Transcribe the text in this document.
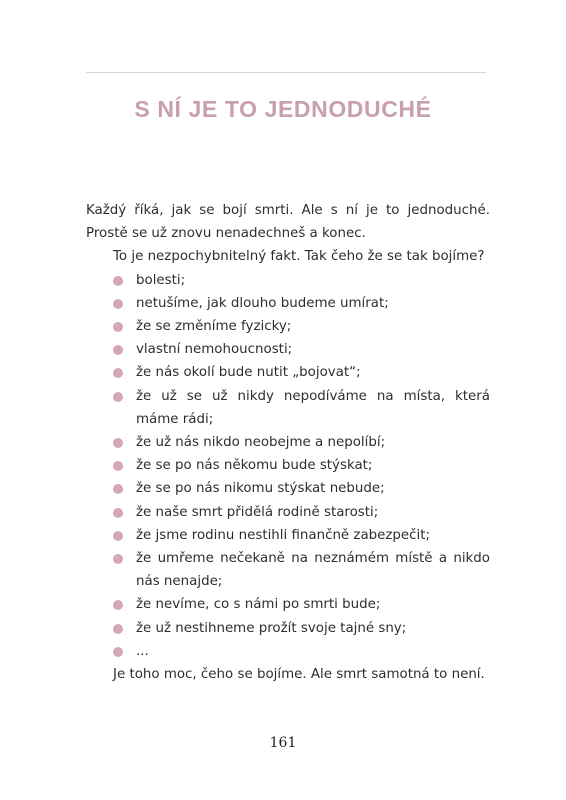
S NÍ JE TO JEDNODUCHÉ

Každý říká, jak se bojí smrti. Ale s ní je to jednoduché. Prostě se už znovu nenadechneš a konec.

To je nezpochybnitelný fakt. Tak čeho že se tak bojíme?

bolesti;
netušíme, jak dlouho budeme umírat;
že se změníme fyzicky;
vlastní nemohoucnosti;
že nás okolí bude nutit „bojovat“;
že už se už nikdy nepodíváme na místa, která máme rádi;
že už nás nikdo neobejme a nepolíbí;
že se po nás někomu bude stýskat;
že se po nás nikomu stýskat nebude;
že naše smrt přidělá rodině starosti;
že jsme rodinu nestihli finančně zabezpečit;
že umřeme nečekaně na neznámém místě a nikdo nás nenajde;
že nevíme, co s námi po smrti bude;
že už nestihneme prožít svoje tajné sny;
...

Je toho moc, čeho se bojíme. Ale smrt samotná to není.

161
